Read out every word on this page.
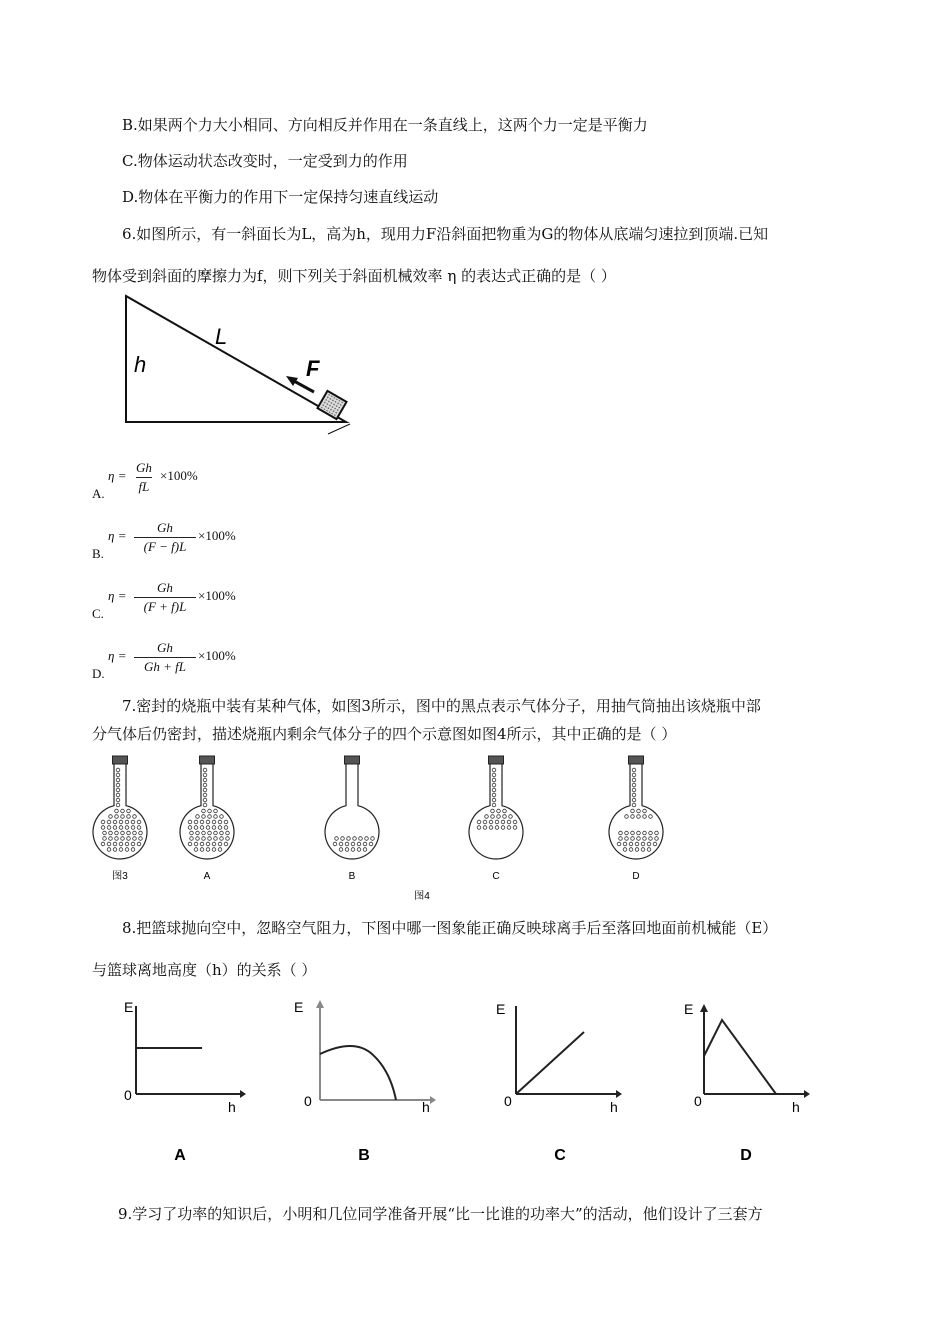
B.如果两个力大小相同、方向相反并作用在一条直线上，这两个力一定是平衡力
C.物体运动状态改变时，一定受到力的作用
D.物体在平衡力的作用下一定保持匀速直线运动
6.如图所示，有一斜面长为L，高为h，现用力F沿斜面把物重为G的物体从底端匀速拉到顶端.已知
物体受到斜面的摩擦力为f，则下列关于斜面机械效率 η 的表达式正确的是（ ）
h
L
F
η =
Gh
fL
×100%
A.
η =
Gh
(F − f)L
×100%
B.
η =
Gh
(F + f)L
×100%
C.
η =
Gh
Gh + fL
×100%
D.
7.密封的烧瓶中装有某种气体，如图3所示，图中的黑点表示气体分子，用抽气筒抽出该烧瓶中部
分气体后仍密封，描述烧瓶内剩余气体分子的四个示意图如图4所示，其中正确的是（ ）
图3	A	B	C	D
图4
8.把篮球抛向空中，忽略空气阻力，下图中哪一图象能正确反映球离手后至落回地面前机械能（E）
与篮球离地高度（h）的关系（ ）
E
0
h
A
E
0	h
B
E
0	h
C
E
0	h
D
9.学习了功率的知识后，小明和几位同学准备开展“比一比谁的功率大”的活动，他们设计了三套方
